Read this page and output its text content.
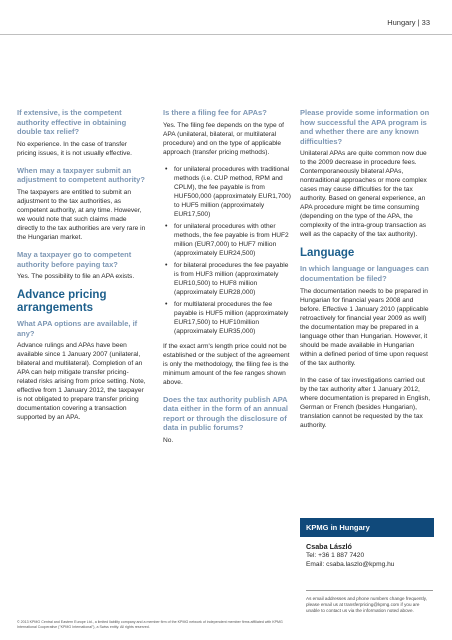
Hungary | 33
If extensive, is the competent authority effective in obtaining double tax relief?
No experience. In the case of transfer pricing issues, it is not usually effective.
When may a taxpayer submit an adjustment to competent authority?
The taxpayers are entitled to submit an adjustment to the tax authorities, as competent authority, at any time. However, we would note that such claims made directly to the tax authorities are very rare in the Hungarian market.
May a taxpayer go to competent authority before paying tax?
Yes. The possibility to file an APA exists.
Advance pricing arrangements
What APA options are available, if any?
Advance rulings and APAs have been available since 1 January 2007 (unilateral, bilateral and multilateral). Completion of an APA can help mitigate transfer pricing-related risks arising from price setting. Note, effective from 1 January 2012, the taxpayer is not obligated to prepare transfer pricing documentation covering a transaction supported by an APA.
Is there a filing fee for APAs?
Yes. The filing fee depends on the type of APA (unilateral, bilateral, or multilateral procedure) and on the type of applicable approach (transfer pricing methods).
• for unilateral procedures with traditional methods (i.e. CUP method, RPM and CPLM), the fee payable is from HUF500,000 (approximately EUR1,700) to HUF5 million (approximately EUR17,500)
• for unilateral procedures with other methods, the fee payable is from HUF2 million (EUR7,000) to HUF7 million (approximately EUR24,500)
• for bilateral procedures the fee payable is from HUF3 million (approximately EUR10,500) to HUF8 million (approximately EUR28,000)
• for multilateral procedures the fee payable is HUF5 million (approximately EUR17,500) to HUF10million (approximately EUR35,000)
If the exact arm's length price could not be established or the subject of the agreement is only the methodology, the filing fee is the minimum amount of the fee ranges shown above.
Does the tax authority publish APA data either in the form of an annual report or through the disclosure of data in public forums?
No.
Please provide some information on how successful the APA program is and whether there are any known difficulties?
Unilateral APAs are quite common now due to the 2009 decrease in procedure fees. Contemporaneously bilateral APAs, nontraditional approaches or more complex cases may cause difficulties for the tax authority. Based on general experience, an APA procedure might be time consuming (depending on the type of the APA, the complexity of the intra-group transaction as well as the capacity of the tax authority).
Language
In which language or languages can documentation be filed?
The documentation needs to be prepared in Hungarian for financial years 2008 and before. Effective 1 January 2010 (applicable retroactively for financial year 2009 as well) the documentation may be prepared in a language other than Hungarian. However, it should be made available in Hungarian within a defined period of time upon request of the tax authority.
In the case of tax investigations carried out by the tax authority after 1 January 2012, where documentation is prepared in English, German or French (besides Hungarian), translation cannot be requested by the tax authority.
KPMG in Hungary
Csaba László
Tel: +36 1 887 7420
Email: csaba.laszlo@kpmg.hu
As email addresses and phone numbers change frequently, please email us at transferpricing@kpmg.com if you are unable to contact us via the information noted above.
© 2013 KPMG Central and Eastern Europe Ltd., a limited liability company and a member firm of the KPMG network of independent member firms affiliated with KPMG International Cooperative ("KPMG International"), a Swiss entity. All rights reserved.
